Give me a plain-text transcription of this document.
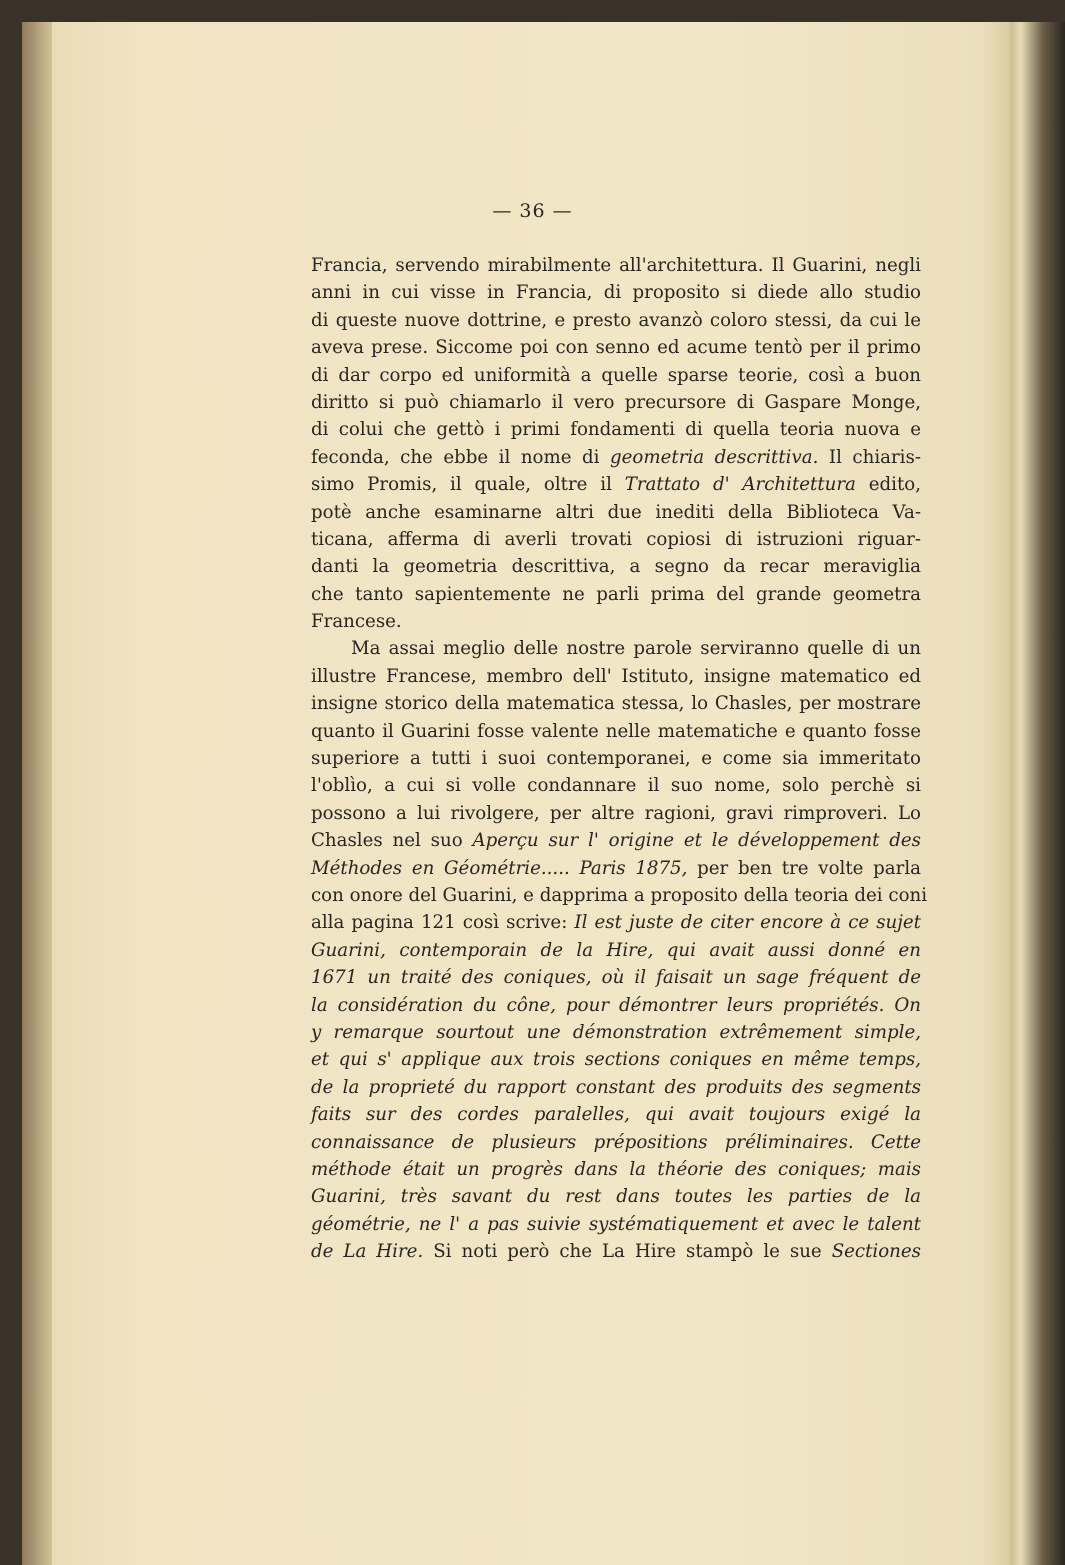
— 36 —
Francia, servendo mirabilmente all'architettura. Il Guarini, negli
anni in cui visse in Francia, di proposito si diede allo studio
di queste nuove dottrine, e presto avanzò coloro stessi, da cui le
aveva prese. Siccome poi con senno ed acume tentò per il primo
di dar corpo ed uniformità a quelle sparse teorie, così a buon
diritto si può chiamarlo il vero precursore di Gaspare Monge,
di colui che gettò i primi fondamenti di quella teoria nuova e
feconda, che ebbe il nome di geometria descrittiva. Il chiaris-
simo Promis, il quale, oltre il Trattato d' Architettura edito,
potè anche esaminarne altri due inediti della Biblioteca Va-
ticana, afferma di averli trovati copiosi di istruzioni riguar-
danti la geometria descrittiva, a segno da recar meraviglia
che tanto sapientemente ne parli prima del grande geometra
Francese.
Ma assai meglio delle nostre parole serviranno quelle di un
illustre Francese, membro dell' Istituto, insigne matematico ed
insigne storico della matematica stessa, lo Chasles, per mostrare
quanto il Guarini fosse valente nelle matematiche e quanto fosse
superiore a tutti i suoi contemporanei, e come sia immeritato
l'oblìo, a cui si volle condannare il suo nome, solo perchè si
possono a lui rivolgere, per altre ragioni, gravi rimproveri. Lo
Chasles nel suo Aperçu sur l' origine et le développement des
Méthodes en Géométrie..... Paris 1875, per ben tre volte parla
con onore del Guarini, e dapprima a proposito della teoria dei coni
alla pagina 121 così scrive: Il est juste de citer encore à ce sujet
Guarini, contemporain de la Hire, qui avait aussi donné en
1671 un traité des coniques, où il faisait un sage fréquent de
la considération du cône, pour démontrer leurs propriétés. On
y remarque sourtout une démonstration extrêmement simple,
et qui s' applique aux trois sections coniques en même temps,
de la proprieté du rapport constant des produits des segments
faits sur des cordes paralelles, qui avait toujours exigé la
connaissance de plusieurs prépositions préliminaires. Cette
méthode était un progrès dans la théorie des coniques; mais
Guarini, très savant du rest dans toutes les parties de la
géométrie, ne l' a pas suivie systématiquement et avec le talent
de La Hire. Si noti però che La Hire stampò le sue Sectiones
